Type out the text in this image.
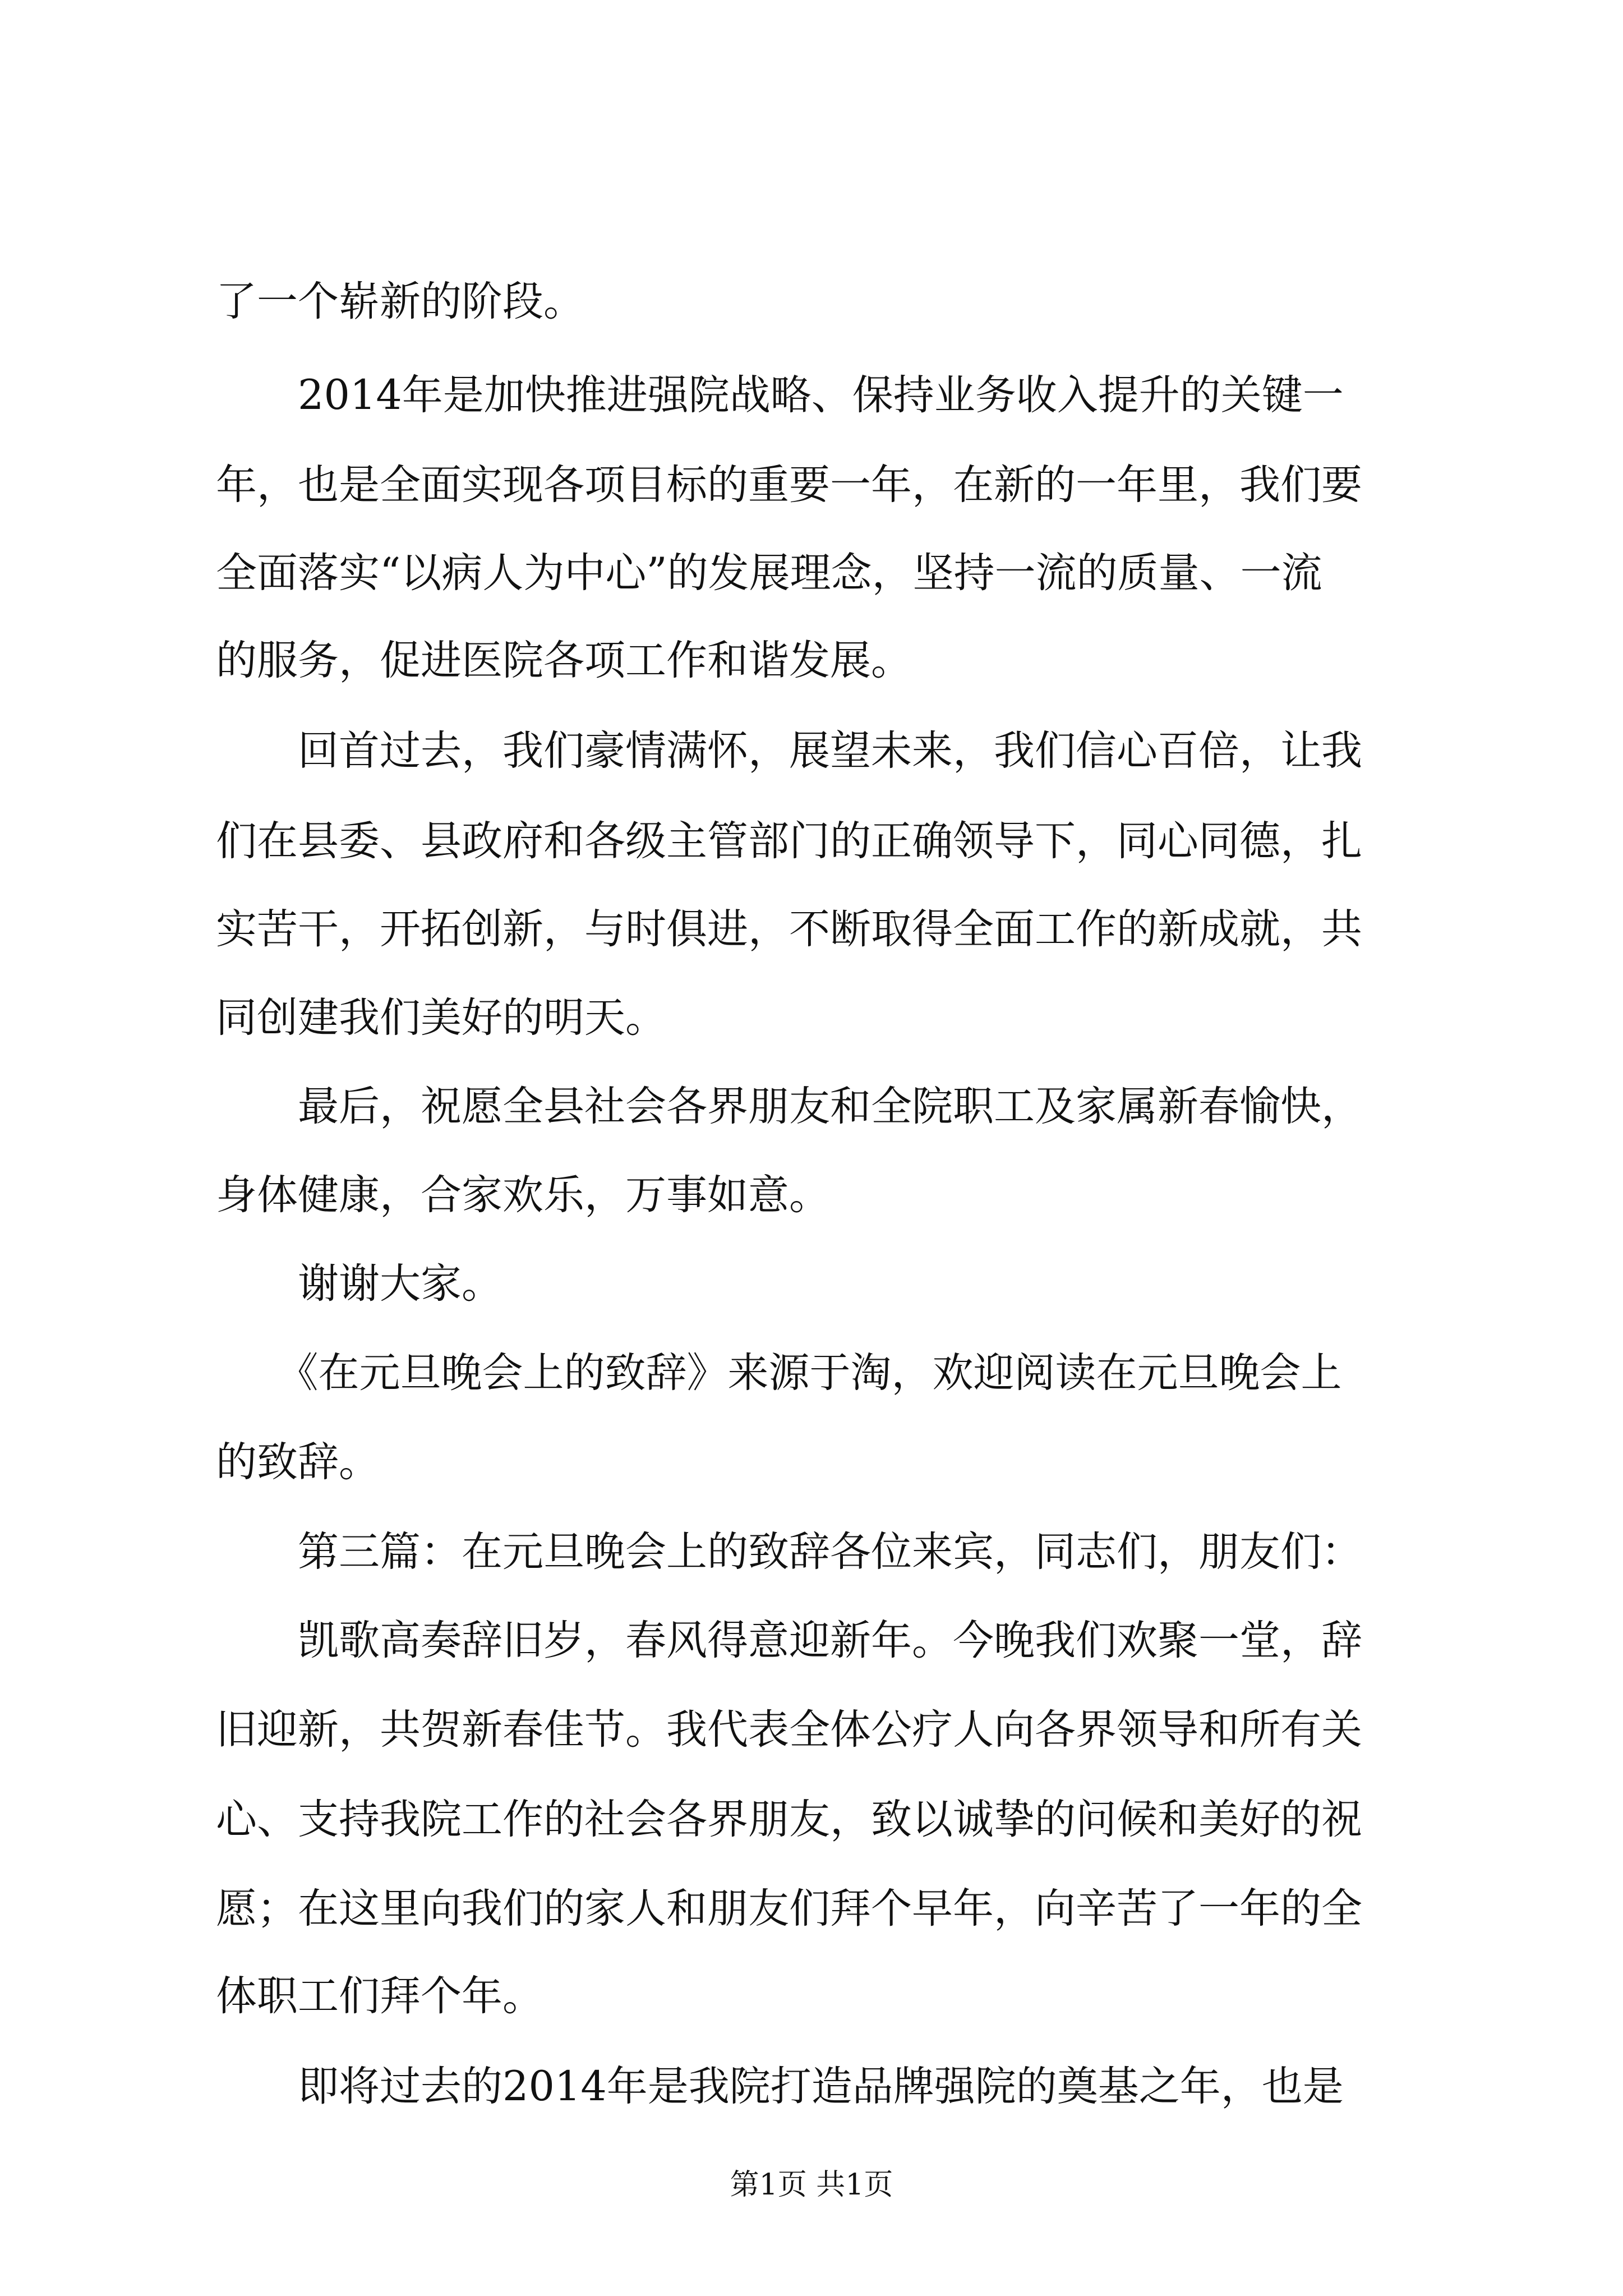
了一个崭新的阶段。

　　2014年是加快推进强院战略、保持业务收入提升的关键一

年，也是全面实现各项目标的重要一年，在新的一年里，我们要

全面落实“以病人为中心”的发展理念，坚持一流的质量、一流

的服务，促进医院各项工作和谐发展。

　　回首过去，我们豪情满怀，展望未来，我们信心百倍，让我

们在县委、县政府和各级主管部门的正确领导下，同心同德，扎

实苦干，开拓创新，与时俱进，不断取得全面工作的新成就，共

同创建我们美好的明天。

　　最后，祝愿全县社会各界朋友和全院职工及家属新春愉快，

身体健康，合家欢乐，万事如意。

　　谢谢大家。

　　《在元旦晚会上的致辞》来源于淘，欢迎阅读在元旦晚会上

的致辞。

　　第三篇：在元旦晚会上的致辞各位来宾，同志们，朋友们：

　　凯歌高奏辞旧岁，春风得意迎新年。今晚我们欢聚一堂，辞

旧迎新，共贺新春佳节。我代表全体公疗人向各界领导和所有关

心、支持我院工作的社会各界朋友，致以诚挚的问候和美好的祝

愿；在这里向我们的家人和朋友们拜个早年，向辛苦了一年的全

体职工们拜个年。

　　即将过去的2014年是我院打造品牌强院的奠基之年，也是

第1页 共1页
